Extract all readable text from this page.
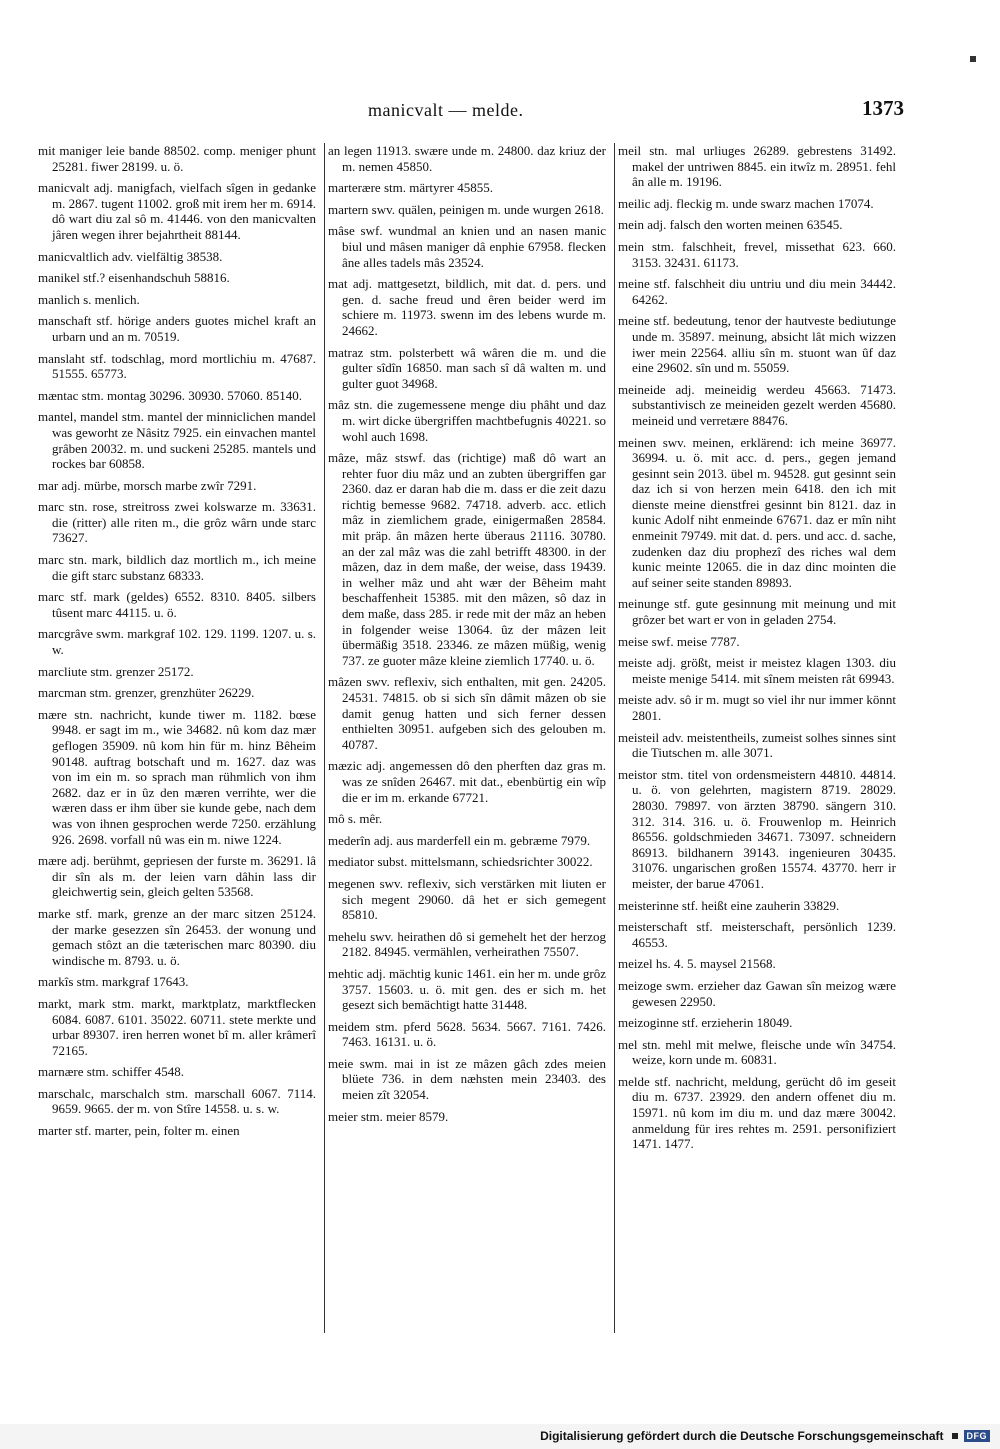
manicvalt — melde.	1373

mit maniger leie bande 88502. comp. meniger phunt 25281. fiwer 28199. u. ö.

manicvalt adj. manigfach, vielfach sîgen in gedanke m. 2867. tugent 11002. groß mit irem her m. 6914. dô wart diu zal sô m. 41446. von den manicvalten jâren wegen ihrer bejahrtheit 88144.

manicvaltlich adv. vielfältig 38538.

manikel stf.? eisenhandschuh 58816.

manlich s. menlich.

manschaft stf. hörige anders guotes michel kraft an urbarn und an m. 70519.

manslaht stf. todschlag, mord mortlichiu m. 47687. 51555. 65773.

mæntac stm. montag 30296. 30930. 57060. 85140.

mantel, mandel stm. mantel der minniclichen mandel was geworht ze Nâsitz 7925. ein einvachen mantel grâben 20032. m. und suckeni 25285. mantels und rockes bar 60858.

mar adj. mürbe, morsch marbe zwîr 7291.

marc stn. rose, streitross zwei kolswarze m. 33631. die (ritter) alle riten m., die grôz wârn unde starc 73627.

marc stn. mark, bildlich daz mortlich m., ich meine die gift starc substanz 68333.

marc stf. mark (geldes) 6552. 8310. 8405. silbers tûsent marc 44115. u. ö.

marcgrâve swm. markgraf 102. 129. 1199. 1207. u. s. w.

marcliute stm. grenzer 25172.

marcman stm. grenzer, grenzhüter 26229.

mære stn. nachricht, kunde tiwer m. 1182. bœse 9948. er sagt im m., wie 34682. nû kom daz mær geflogen 35909. nû kom hin für m. hinz Bêheim 90148. auftrag botschaft und m. 1627. daz was von im ein m. so sprach man rühmlich von ihm 2682. daz er in ûz den mæren verrihte, wer die wæren dass er ihm über sie kunde gebe, nach dem was von ihnen gesprochen werde 7250. erzählung 926. 2698. vorfall nû was ein m. niwe 1224.

mære adj. berühmt, gepriesen der furste m. 36291. lâ dir sîn als m. der leien varn dâhin lass dir gleichwertig sein, gleich gelten 53568.

marke stf. mark, grenze an der marc sitzen 25124. der marke gesezzen sîn 26453. der wonung und gemach stôzt an die tæterischen marc 80390. diu windische m. 8793. u. ö.

markîs stm. markgraf 17643.

markt, mark stm. markt, marktplatz, marktflecken 6084. 6087. 6101. 35022. 60711. stete merkte und urbar 89307. iren herren wonet bî m. aller krâmerî 72165.

marnære stm. schiffer 4548.

marschalc, marschalch stm. marschall 6067. 7114. 9659. 9665. der m. von Stîre 14558. u. s. w.

marter stf. marter, pein, folter m. einen

an legen 11913. swære unde m. 24800. daz kriuz der m. nemen 45850.

marterære stm. märtyrer 45855.

martern swv. quälen, peinigen m. unde wurgen 2618.

mâse swf. wundmal an knien und an nasen manic biul und mâsen maniger dâ enphie 67958. flecken âne alles tadels mâs 23524.

mat adj. mattgesetzt, bildlich, mit dat. d. pers. und gen. d. sache freud und êren beider werd im schiere m. 11973. swenn im des lebens wurde m. 24662.

matraz stm. polsterbett wâ wâren die m. und die gulter sîdîn 16850. man sach sî dâ walten m. und gulter guot 34968.

mâz stn. die zugemessene menge diu phâht und daz m. wirt dicke übergriffen machtbefugnis 40221. so wohl auch 1698.

mâze, mâz stswf. das (richtige) maß dô wart an rehter fuor diu mâz und an zubten übergriffen gar 2360. daz er daran hab die m. dass er die zeit dazu richtig bemesse 9682. 74718. adverb. acc. etlich mâz in ziemlichem grade, einigermaßen 28584. mit präp. ân mâzen herte überaus 21116. 30780. an der zal mâz was die zahl betrifft 48300. in der mâzen, daz in dem maße, der weise, dass 19439. in welher mâz und aht wær der Bêheim maht beschaffenheit 15385. mit den mâzen, sô daz in dem maße, dass 285. ir rede mit der mâz an heben in folgender weise 13064. ûz der mâzen leit übermäßig 3518. 23346. ze mâzen müßig, wenig 737. ze guoter mâze kleine ziemlich 17740. u. ö.

mâzen swv. reflexiv, sich enthalten, mit gen. 24205. 24531. 74815. ob si sich sîn dâmit mâzen ob sie damit genug hatten und sich ferner dessen enthielten 30951. aufgeben sich des gelouben m. 40787.

mæzic adj. angemessen dô den pherften daz gras m. was ze snîden 26467. mit dat., ebenbürtig ein wîp die er im m. erkande 67721.

mô s. mêr.

mederîn adj. aus marderfell ein m. gebræme 7979.

mediator subst. mittelsmann, schiedsrichter 30022.

megenen swv. reflexiv, sich verstärken mit liuten er sich megent 29060. dâ het er sich gemegent 85810.

mehelu swv. heirathen dô si gemehelt het der herzog 2182. 84945. vermählen, verheirathen 75507.

mehtic adj. mächtig kunic 1461. ein her m. unde grôz 3757. 15603. u. ö. mit gen. des er sich m. het gesezt sich bemächtigt hatte 31448.

meidem stm. pferd 5628. 5634. 5667. 7161. 7426. 7463. 16131. u. ö.

meie swm. mai in ist ze mâzen gâch zdes meien blüete 736. in dem næhsten mein 23403. des meien zît 32054.

meier stm. meier 8579.

meil stn. mal urliuges 26289. gebrestens 31492. makel der untriwen 8845. ein itwîz m. 28951. fehl ân alle m. 19196.

meilic adj. fleckig m. unde swarz machen 17074.

mein adj. falsch den worten meinen 63545.

mein stm. falschheit, frevel, missethat 623. 660. 3153. 32431. 61173.

meine stf. falschheit diu untriu und diu mein 34442. 64262.

meine stf. bedeutung, tenor der hautveste bediutunge unde m. 35897. meinung, absicht lât mich wizzen iwer mein 22564. alliu sîn m. stuont wan ûf daz eine 29602. sîn und m. 55059.

meineide adj. meineidig werdeu 45663. 71473. substantivisch ze meineiden gezelt werden 45680. meineid und verretære 88476.

meinen swv. meinen, erklärend: ich meine 36977. 36994. u. ö. mit acc. d. pers., gegen jemand gesinnt sein 2013. übel m. 94528. gut gesinnt sein daz ich si von herzen mein 6418. den ich mit dienste meine dienstfrei gesinnt bin 8121. daz in kunic Adolf niht enmeinde 67671. daz er mîn niht enmeinit 79749. mit dat. d. pers. und acc. d. sache, zudenken daz diu prophezî des riches wal dem kunic meinte 12065. die in daz dinc mointen die auf seiner seite standen 89893.

meinunge stf. gute gesinnung mit meinung und mit grôzer bet wart er von in geladen 2754.

meise swf. meise 7787.

meiste adj. größt, meist ir meistez klagen 1303. diu meiste menige 5414. mit sînem meisten rât 69943.

meiste adv. sô ir m. mugt so viel ihr nur immer könnt 2801.

meisteil adv. meistentheils, zumeist solhes sinnes sint die Tiutschen m. alle 3071.

meistor stm. titel von ordensmeistern 44810. 44814. u. ö. von gelehrten, magistern 8719. 28029. 28030. 79897. von ärzten 38790. sängern 310. 312. 314. 316. u. ö. Frouwenlop m. Heinrich 86556. goldschmieden 34671. 73097. schneidern 86913. bildhanern 39143. ingenieuren 30435. 31076. ungarischen großen 15574. 43770. herr ir meister, der barue 47061.

meisterinne stf. heißt eine zauherin 33829.

meisterschaft stf. meisterschaft, persönlich 1239. 46553.

meizel hs. 4. 5. maysel 21568.

meizoge swm. erzieher daz Gawan sîn meizog wære gewesen 22950.

meizoginne stf. erzieherin 18049.

mel stn. mehl mit melwe, fleische unde wîn 34754. weize, korn unde m. 60831.

melde stf. nachricht, meldung, gerücht dô im geseit diu m. 6737. 23929. den andern offenet diu m. 15971. nû kom im diu m. und daz mære 30042. anmeldung für ires rehtes m. 2591. personifiziert 1471. 1477.

Digitalisierung gefördert durch die Deutsche Forschungsgemeinschaft	DFG
